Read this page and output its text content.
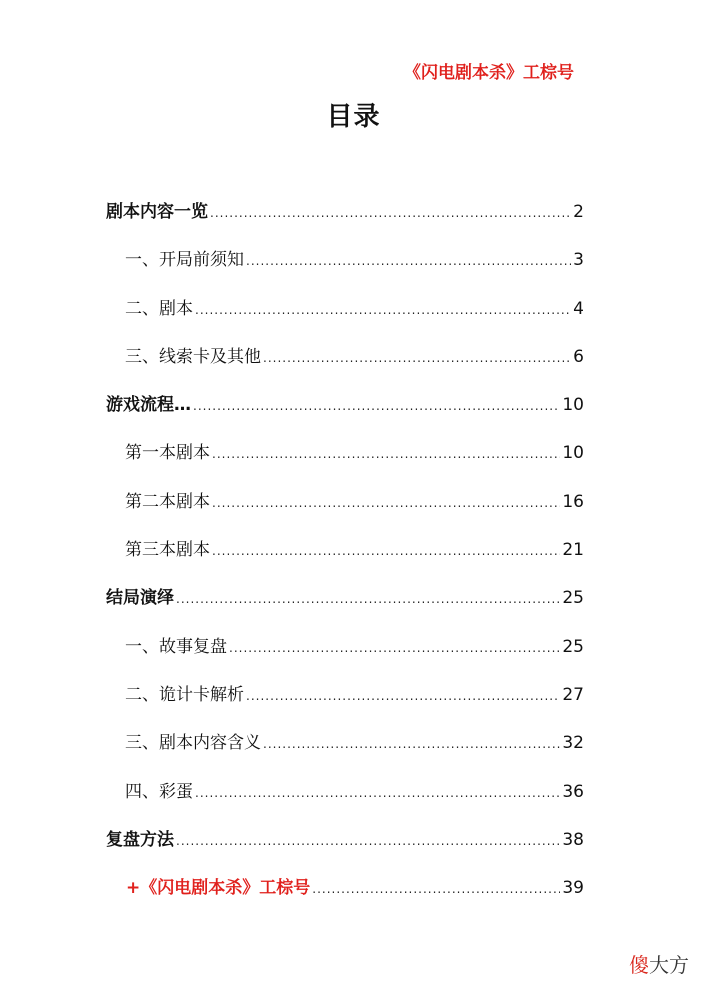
《闪电剧本杀》工棕号
目录
剧本内容一览 .....	2
一、开局前须知 .....	3
二、剧本 .....	4
三、线索卡及其他 .....	6
游戏流程… .....	10
第一本剧本 .....	10
第二本剧本 .....	16
第三本剧本 .....	21
结局演绎 .....	25
一、故事复盘 .....	25
二、诡计卡解析 .....	27
三、剧本内容含义 .....	32
四、彩蛋 .....	36
复盘方法 .....	38
+《闪电剧本杀》工棕号 .....	39
傻大方
